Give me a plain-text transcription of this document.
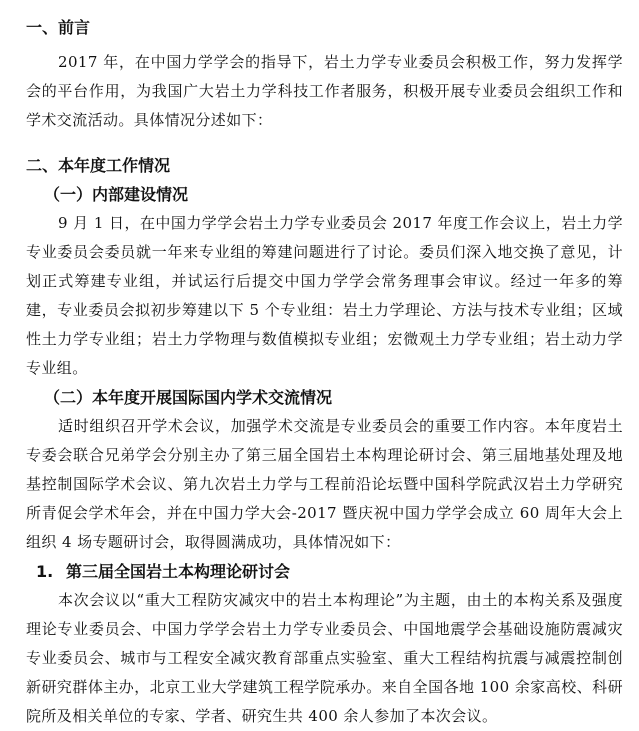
一、前言

2017 年，在中国力学学会的指导下，岩土力学专业委员会积极工作，努力发挥学会的平台作用，为我国广大岩土力学科技工作者服务，积极开展专业委员会组织工作和学术交流活动。具体情况分述如下：

二、本年度工作情况

（一）内部建设情况

9 月 1 日，在中国力学学会岩土力学专业委员会 2017 年度工作会议上，岩土力学专业委员会委员就一年来专业组的筹建问题进行了讨论。委员们深入地交换了意见，计划正式筹建专业组，并试运行后提交中国力学学会常务理事会审议。经过一年多的筹建，专业委员会拟初步筹建以下 5 个专业组：岩土力学理论、方法与技术专业组；区域性土力学专业组；岩土力学物理与数值模拟专业组；宏微观土力学专业组；岩土动力学专业组。

（二）本年度开展国际国内学术交流情况

适时组织召开学术会议，加强学术交流是专业委员会的重要工作内容。本年度岩土专委会联合兄弟学会分别主办了第三届全国岩土本构理论研讨会、第三届地基处理及地基控制国际学术会议、第九次岩土力学与工程前沿论坛暨中国科学院武汉岩土力学研究所青促会学术年会，并在中国力学大会-2017 暨庆祝中国力学学会成立 60 周年大会上组织 4 场专题研讨会，取得圆满成功，具体情况如下：

1. 第三届全国岩土本构理论研讨会

本次会议以“重大工程防灾减灾中的岩土本构理论”为主题，由土的本构关系及强度理论专业委员会、中国力学学会岩土力学专业委员会、中国地震学会基础设施防震减灾专业委员会、城市与工程安全减灾教育部重点实验室、重大工程结构抗震与减震控制创新研究群体主办，北京工业大学建筑工程学院承办。来自全国各地 100 余家高校、科研院所及相关单位的专家、学者、研究生共 400 余人参加了本次会议。
